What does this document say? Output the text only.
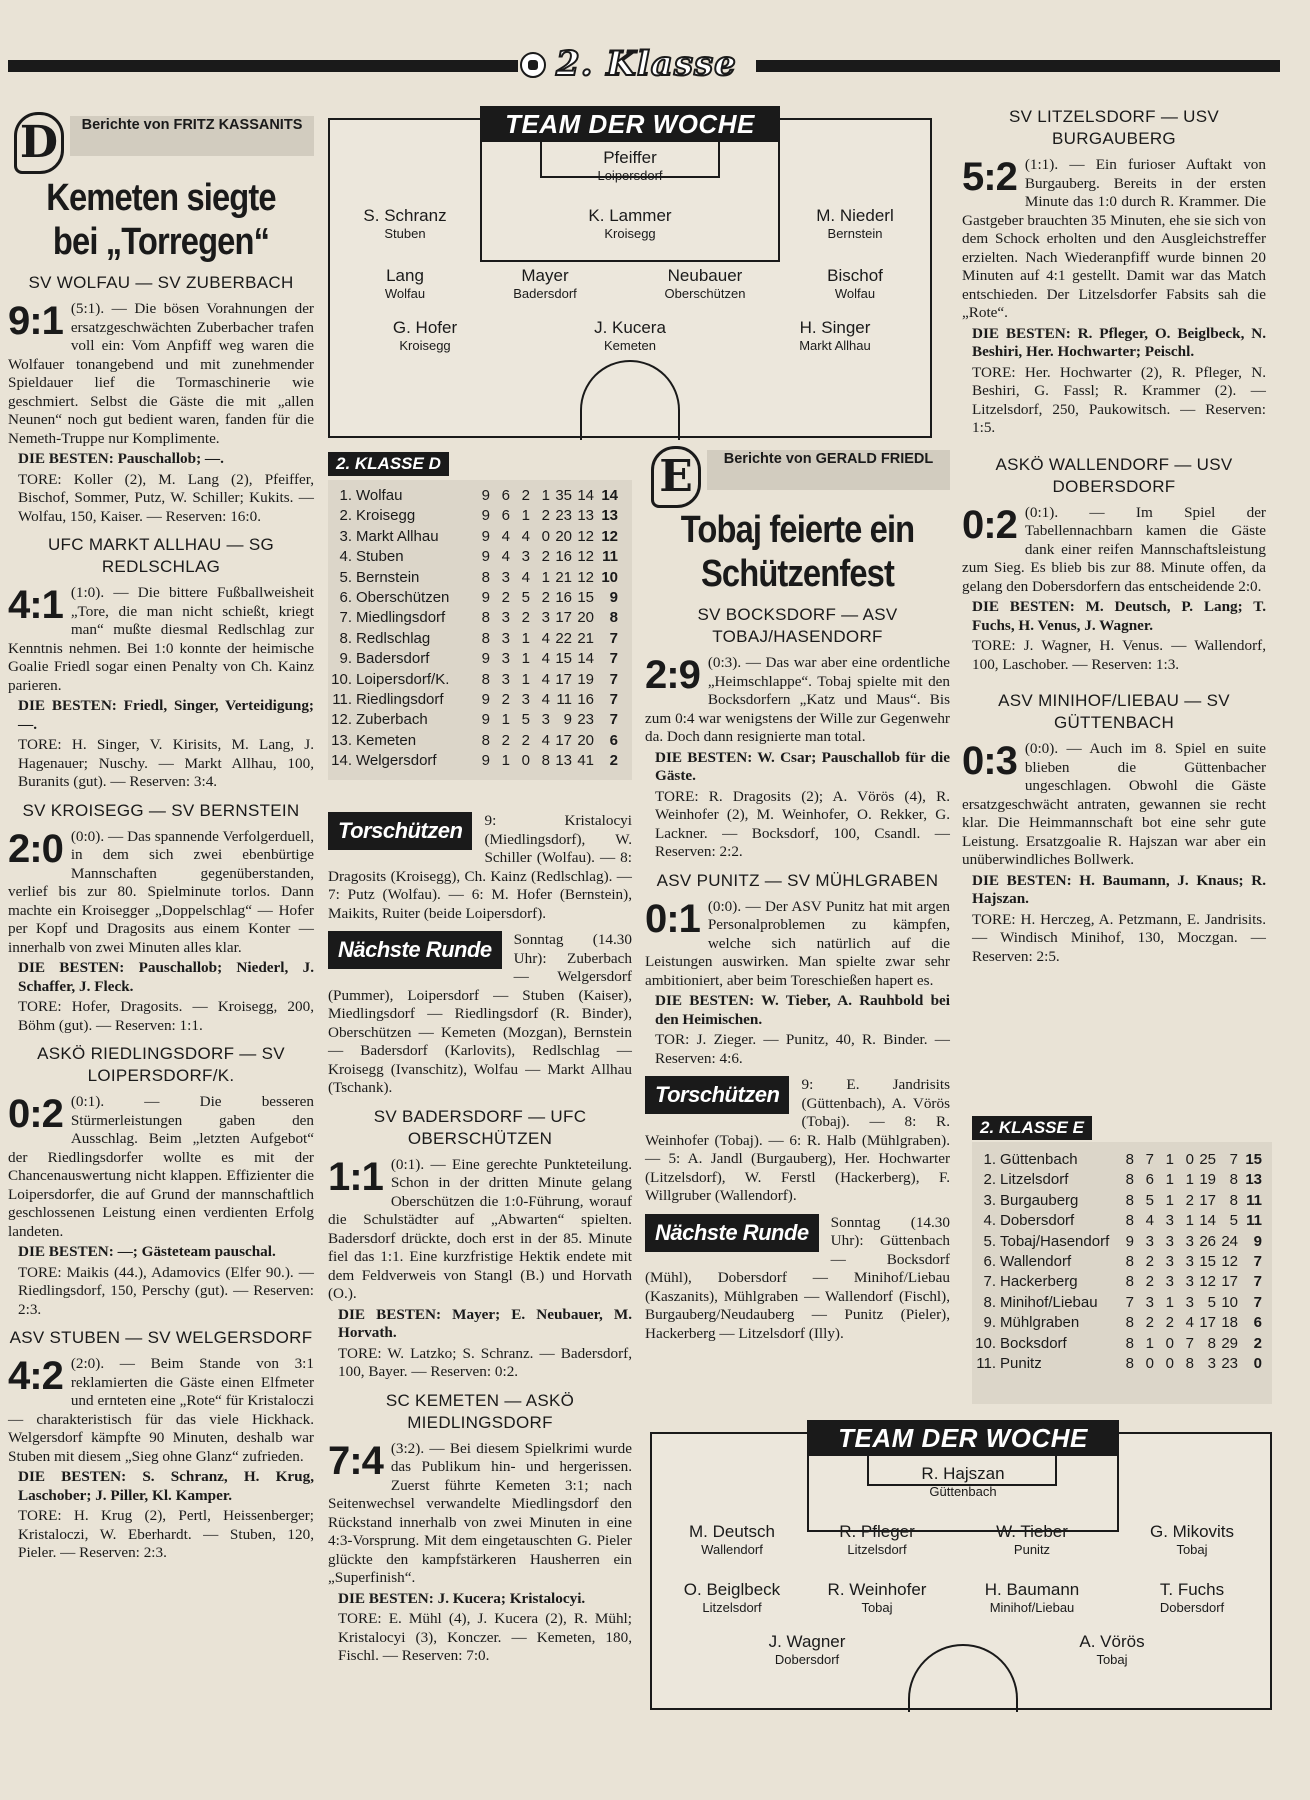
2. Klasse
D	Berichte von FRITZ KASSANITS
Kemeten siegte bei „Torregen“
SV WOLFAU — SV ZUBERBACH
9:1 (5:1). — Die bösen Vorahnungen der ersatzgeschwächten Zuberbacher trafen voll ein: Vom Anpfiff weg waren die Wolfauer tonangebend und mit zunehmender Spieldauer lief die Tormaschinerie wie geschmiert. Selbst die Gäste die mit „allen Neunen“ noch gut bedient waren, fanden für die Nemeth-Truppe nur Komplimente.
DIE BESTEN: Pauschallob; —.
TORE: Koller (2), M. Lang (2), Pfeiffer, Bischof, Sommer, Putz, W. Schiller; Kukits. — Wolfau, 150, Kaiser. — Reserven: 16:0.
UFC MARKT ALLHAU — SG REDLSCHLAG
4:1 (1:0). — Die bittere Fußballweisheit „Tore, die man nicht schießt, kriegt man“ mußte diesmal Redlschlag zur Kenntnis nehmen. Bei 1:0 konnte der heimische Goalie Friedl sogar einen Penalty von Ch. Kainz parieren.
DIE BESTEN: Friedl, Singer, Verteidigung; —.
TORE: H. Singer, V. Kirisits, M. Lang, J. Hagenauer; Nuschy. — Markt Allhau, 100, Buranits (gut). — Reserven: 3:4.
SV KROISEGG — SV BERNSTEIN
2:0 (0:0). — Das spannende Verfolgerduell, in dem sich zwei ebenbürtige Mannschaften gegenüberstanden, verlief bis zur 80. Spielminute torlos. Dann machte ein Kroisegger „Doppelschlag“ — Hofer per Kopf und Dragosits aus einem Konter — innerhalb von zwei Minuten alles klar.
DIE BESTEN: Pauschallob; Niederl, J. Schaffer, J. Fleck.
TORE: Hofer, Dragosits. — Kroisegg, 200, Böhm (gut). — Reserven: 1:1.
ASKÖ RIEDLINGSDORF — SV LOIPERSDORF/K.
0:2 (0:1). — Die besseren Stürmerleistungen gaben den Ausschlag. Beim „letzten Aufgebot“ der Riedlingsdorfer wollte es mit der Chancenauswertung nicht klappen. Effizienter die Loipersdorfer, die auf Grund der mannschaftlich geschlossenen Leistung einen verdienten Erfolg landeten.
DIE BESTEN: —; Gästeteam pauschal.
TORE: Maikis (44.), Adamovics (Elfer 90.). — Riedlingsdorf, 150, Perschy (gut). — Reserven: 2:3.
ASV STUBEN — SV WELGERSDORF
4:2 (2:0). — Beim Stande von 3:1 reklamierten die Gäste einen Elfmeter und ernteten eine „Rote“ für Kristaloczi — charakteristisch für das viele Hickhack. Welgersdorf kämpfte 90 Minuten, deshalb war Stuben mit diesem „Sieg ohne Glanz“ zufrieden.
DIE BESTEN: S. Schranz, H. Krug, Laschober; J. Piller, Kl. Kamper.
TORE: H. Krug (2), Pertl, Heissenberger; Kristaloczi, W. Eberhardt. — Stuben, 120, Pieler. — Reserven: 2:3.
TEAM DER WOCHE
Pfeiffer
Loipersdorf
S. Schranz
Stuben
K. Lammer
Kroisegg
M. Niederl
Bernstein
Lang
Wolfau
Mayer
Badersdorf
Neubauer
Oberschützen
Bischof
Wolfau
G. Hofer
Kroisegg
J. Kucera
Kemeten
H. Singer
Markt Allhau
2. KLASSE D
1. Wolfau	9 6 2 1 35 14 14
2. Kroisegg	9 6 1 2 23 13 13
3. Markt Allhau	9 4 4 0 20 12 12
4. Stuben	9 4 3 2 16 12 11
5. Bernstein	8 3 4 1 21 12 10
6. Oberschützen	9 2 5 2 16 15	9
7. Miedlingsdorf	8 3 2 3 17 20	8
8. Redlschlag	8 3 1 4 22 21	7
9. Badersdorf	9 3 1 4 15 14	7
10. Loipersdorf/K.	8 3 1 4 17 19	7
11. Riedlingsdorf	9 2 3 4 11 16	7
12. Zuberbach	9 1 5 3 9 23	7
13. Kemeten	8 2 2 4 17 20	6
14. Welgersdorf	9 1 0 8 13 41	2
Torschützen	9: Kristalocyi (Miedlingsdorf), W. Schiller (Wolfau). — 8: Dragosits (Kroisegg), Ch. Kainz (Redlschlag). — 7: Putz (Wolfau). — 6: M. Hofer (Bernstein), Maikits, Ruiter (beide Loipersdorf).
Nächste Runde	Sonntag (14.30 Uhr): Zuberbach — Welgersdorf (Pummer), Loipersdorf — Stuben (Kaiser), Miedlingsdorf — Riedlingsdorf (R. Binder), Oberschützen — Kemeten (Mozgan), Bernstein — Badersdorf (Karlovits), Redlschlag — Kroisegg (Ivanschitz), Wolfau — Markt Allhau (Tschank).
SV BADERSDORF — UFC OBERSCHÜTZEN
1:1 (0:1). — Eine gerechte Punkteteilung. Schon in der dritten Minute gelang Oberschützen die 1:0-Führung, worauf die Schulstädter auf „Abwarten“ spielten. Badersdorf drückte, doch erst in der 85. Minute fiel das 1:1. Eine kurzfristige Hektik endete mit dem Feldverweis von Stangl (B.) und Horvath (O.).
DIE BESTEN: Mayer; E. Neubauer, M. Horvath.
TORE: W. Latzko; S. Schranz. — Badersdorf, 100, Bayer. — Reserven: 0:2.
SC KEMETEN — ASKÖ MIEDLINGSDORF
7:4 (3:2). — Bei diesem Spielkrimi wurde das Publikum hin- und hergerissen. Zuerst führte Kemeten 3:1; nach Seitenwechsel verwandelte Miedlingsdorf den Rückstand innerhalb von zwei Minuten in eine 4:3-Vorsprung. Mit dem eingetauschten G. Pieler glückte den kampfstärkeren Hausherren ein „Superfinish“.
DIE BESTEN: J. Kucera; Kristalocyi.
TORE: E. Mühl (4), J. Kucera (2), R. Mühl; Kristalocyi (3), Konczer. — Kemeten, 180, Fischl. — Reserven: 7:0.
E	Berichte von GERALD FRIEDL
Tobaj feierte ein Schützenfest
SV BOCKSDORF — ASV TOBAJ/HASENDORF
2:9 (0:3). — Das war aber eine ordentliche „Heimschlappe“. Tobaj spielte mit den Bocksdorfern „Katz und Maus“. Bis zum 0:4 war wenigstens der Wille zur Gegenwehr da. Doch dann resignierte man total.
DIE BESTEN: W. Csar; Pauschallob für die Gäste.
TORE: R. Dragosits (2); A. Vörös (4), R. Weinhofer (2), M. Weinhofer, O. Rekker, G. Lackner. — Bocksdorf, 100, Csandl. — Reserven: 2:2.
ASV PUNITZ — SV MÜHLGRABEN
0:1 (0:0). — Der ASV Punitz hat mit argen Personalproblemen zu kämpfen, welche sich natürlich auf die Leistungen auswirken. Man spielte zwar sehr ambitioniert, aber beim Toreschießen hapert es.
DIE BESTEN: W. Tieber, A. Rauhbold bei den Heimischen.
TOR: J. Zieger. — Punitz, 40, R. Binder. — Reserven: 4:6.
Torschützen	9: E. Jandrisits (Güttenbach), A. Vörös (Tobaj). — 8: R. Weinhofer (Tobaj). — 6: R. Halb (Mühlgraben). — 5: A. Jandl (Burgauberg), Her. Hochwarter (Litzelsdorf), W. Ferstl (Hackerberg), F. Willgruber (Wallendorf).
Nächste Runde	Sonntag (14.30 Uhr): Güttenbach — Bocksdorf (Mühl), Dobersdorf — Minihof/Liebau (Kaszanits), Mühlgraben — Wallendorf (Fischl), Burgauberg/Neudauberg — Punitz (Pieler), Hackerberg — Litzelsdorf (Illy).
SV LITZELSDORF — USV BURGAUBERG
5:2 (1:1). — Ein furioser Auftakt von Burgauberg. Bereits in der ersten Minute das 1:0 durch R. Krammer. Die Gastgeber brauchten 35 Minuten, ehe sie sich von dem Schock erholten und den Ausgleichstreffer erzielten. Nach Wiederanpfiff wurde binnen 20 Minuten auf 4:1 gestellt. Damit war das Match entschieden. Der Litzelsdorfer Fabsits sah die „Rote“.
DIE BESTEN: R. Pfleger, O. Beiglbeck, N. Beshiri, Her. Hochwarter; Peischl.
TORE: Her. Hochwarter (2), R. Pfleger, N. Beshiri, G. Fassl; R. Krammer (2). — Litzelsdorf, 250, Paukowitsch. — Reserven: 1:5.
ASKÖ WALLENDORF — USV DOBERSDORF
0:2 (0:1). — Im Spiel der Tabellennachbarn kamen die Gäste dank einer reifen Mannschaftsleistung zum Sieg. Es blieb bis zur 88. Minute offen, da gelang den Dobersdorfern das entscheidende 2:0.
DIE BESTEN: M. Deutsch, P. Lang; T. Fuchs, H. Venus, J. Wagner.
TORE: J. Wagner, H. Venus. — Wallendorf, 100, Laschober. — Reserven: 1:3.
ASV MINIHOF/LIEBAU — SV GÜTTENBACH
0:3 (0:0). — Auch im 8. Spiel en suite blieben die Güttenbacher ungeschlagen. Obwohl die Gäste ersatzgeschwächt antraten, gewannen sie recht klar. Die Heimmannschaft bot eine sehr gute Leistung. Ersatzgoalie R. Hajszan war aber ein unüberwindliches Bollwerk.
DIE BESTEN: H. Baumann, J. Knaus; R. Hajszan.
TORE: H. Herczeg, A. Petzmann, E. Jandrisits. — Windisch Minihof, 130, Moczgan. — Reserven: 2:5.
2. KLASSE E
1. Güttenbach	8 7 1 0 25 7 15
2. Litzelsdorf	8 6 1 1 19 8 13
3. Burgauberg	8 5 1 2 17 8 11
4. Dobersdorf	8 4 3 1 14 5 11
5. Tobaj/Hasendorf	9 3 3 3 26 24	9
6. Wallendorf	8 2 3 3 15 12	7
7. Hackerberg	8 2 3 3 12 17	7
8. Minihof/Liebau	7 3 1 3 5 10	7
9. Mühlgraben	8 2 2 4 17 18	6
10. Bocksdorf	8 1 0 7 8 29	2
11. Punitz	8 0 0 8 3 23	0
TEAM DER WOCHE
R. Hajszan
Güttenbach
M. Deutsch
Wallendorf
R. Pfleger
Litzelsdorf
W. Tieber
Punitz
G. Mikovits
Tobaj
O. Beiglbeck
Litzelsdorf
R. Weinhofer
Tobaj
H. Baumann
Minihof/Liebau
T. Fuchs
Dobersdorf
J. Wagner
Dobersdorf
A. Vörös
Tobaj
